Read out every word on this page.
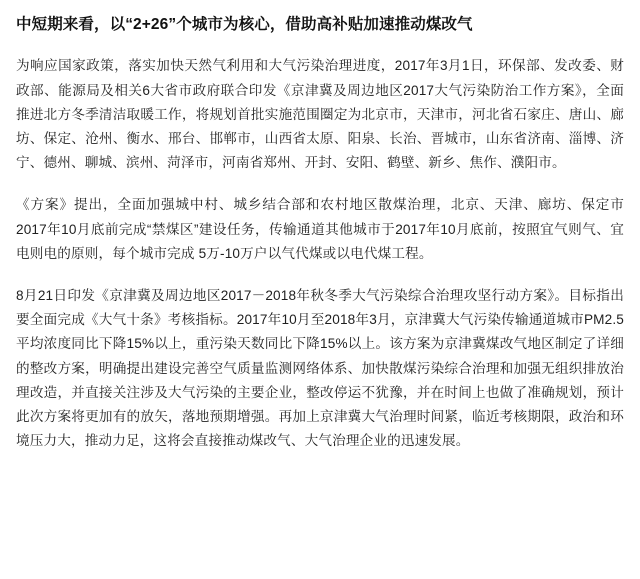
中短期来看，以“2+26”个城市为核心，借助高补贴加速推动煤改气

为响应国家政策，落实加快天然气利用和大气污染治理进度，2017年3月1日，环保部、发改委、财政部、能源局及相关6大省市政府联合印发《京津冀及周边地区2017大气污染防治工作方案》，全面推进北方冬季清洁取暖工作，将规划首批实施范围圈定为北京市，天津市，河北省石家庄、唐山、廊坊、保定、沧州、衡水、邢台、邯郸市，山西省太原、阳泉、长治、晋城市，山东省济南、淄博、济宁、德州、聊城、滨州、菏泽市，河南省郑州、开封、安阳、鹤壁、新乡、焦作、濮阳市。

《方案》提出，全面加强城中村、城乡结合部和农村地区散煤治理，北京、天津、廊坊、保定市2017年10月底前完成“禁煤区”建设任务，传输通道其他城市于2017年10月底前，按照宜气则气、宜电则电的原则，每个城市完成 5万-10万户以气代煤或以电代煤工程。

8月21日印发《京津冀及周边地区2017－2018年秋冬季大气污染综合治理攻坚行动方案》。目标指出要全面完成《大气十条》考核指标。2017年10月至2018年3月，京津冀大气污染传输通道城市PM2.5 平均浓度同比下降15%以上，重污染天数同比下降15%以上。该方案为京津冀煤改气地区制定了详细的整改方案，明确提出建设完善空气质量监测网络体系、加快散煤污染综合治理和加强无组织排放治理改造，并直接关注涉及大气污染的主要企业，整改停运不犹豫，并在时间上也做了准确规划，预计此次方案将更加有的放矢，落地预期增强。再加上京津冀大气治理时间紧，临近考核期限，政治和环境压力大，推动力足，这将会直接推动煤改气、大气治理企业的迅速发展。
